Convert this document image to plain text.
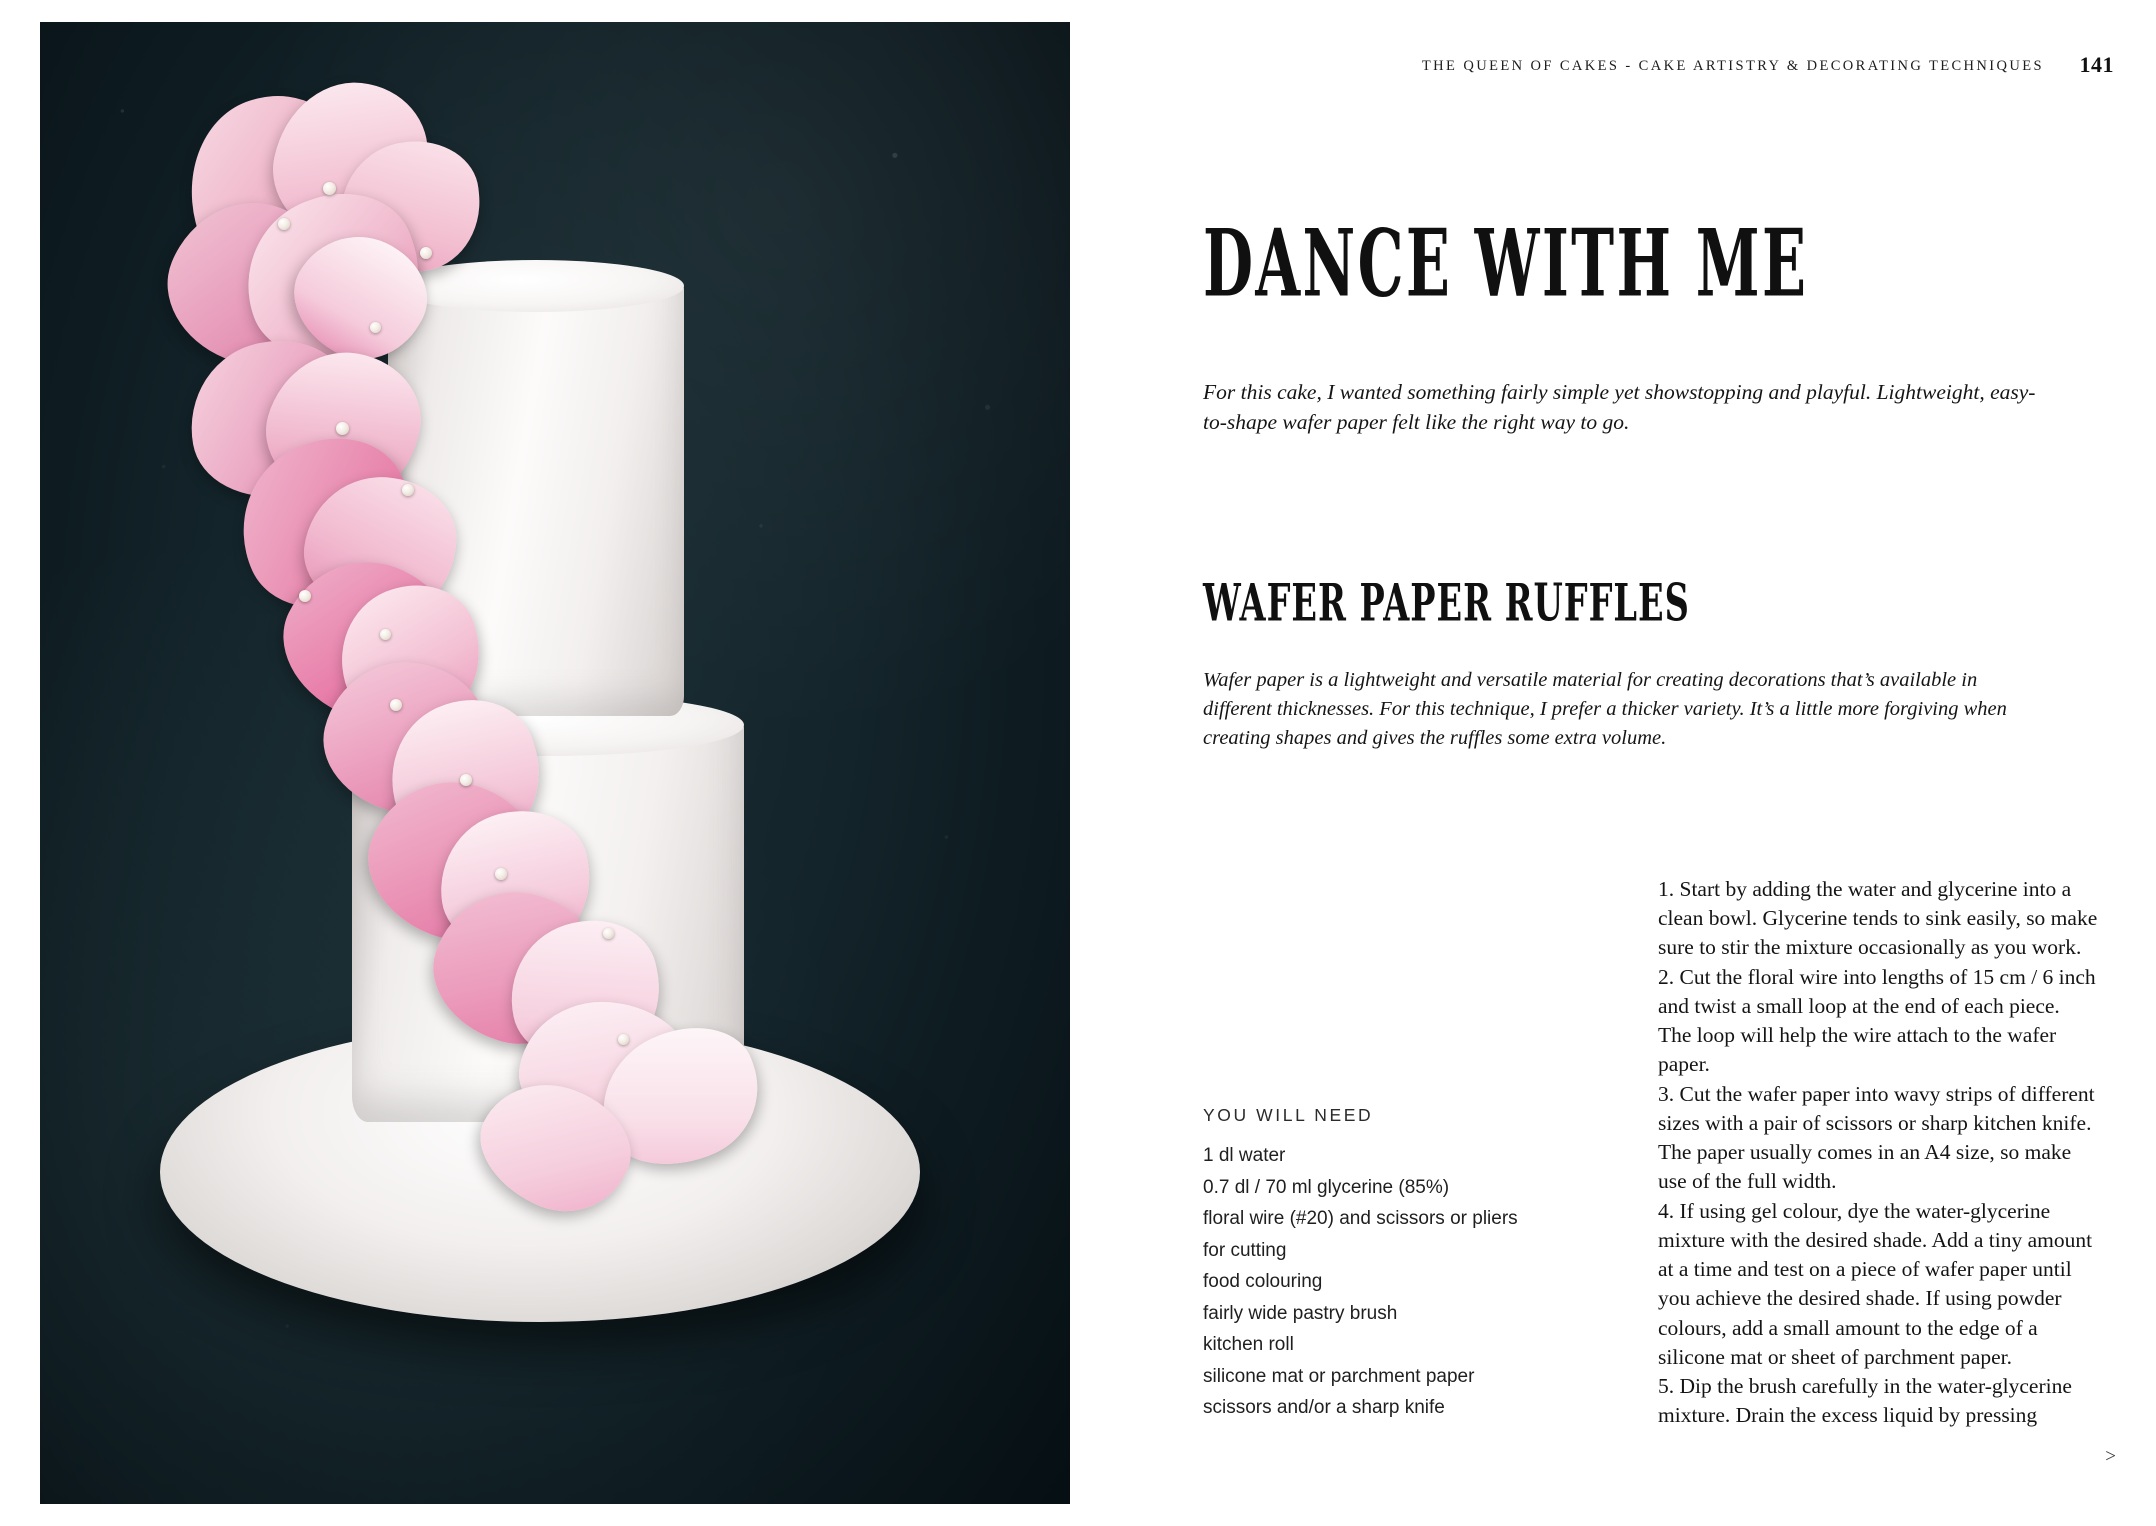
THE QUEEN OF CAKES - CAKE ARTISTRY & DECORATING TECHNIQUES 141
DANCE WITH ME

For this cake, I wanted something fairly simple yet showstopping and playful. Lightweight, easy-to-shape wafer paper felt like the right way to go.

WAFER PAPER RUFFLES

Wafer paper is a lightweight and versatile material for creating decorations that’s available in different thicknesses. For this technique, I prefer a thicker variety. It’s a little more forgiving when creating shapes and gives the ruffles some extra volume.

YOU WILL NEED
1 dl water
0.7 dl / 70 ml glycerine (85%)
floral wire (#20) and scissors or pliers
for cutting
food colouring
fairly wide pastry brush
kitchen roll
silicone mat or parchment paper
scissors and/or a sharp knife

1. Start by adding the water and glycerine into a clean bowl. Glycerine tends to sink easily, so make sure to stir the mixture occasionally as you work.

2. Cut the floral wire into lengths of 15 cm / 6 inch and twist a small loop at the end of each piece. The loop will help the wire attach to the wafer paper.

3. Cut the wafer paper into wavy strips of different sizes with a pair of scissors or sharp kitchen knife. The paper usually comes in an A4 size, so make use of the full width.

4. If using gel colour, dye the water-glycerine mixture with the desired shade. Add a tiny amount at a time and test on a piece of wafer paper until you achieve the desired shade. If using powder colours, add a small amount to the edge of a silicone mat or sheet of parchment paper.

5. Dip the brush carefully in the water-glycerine mixture. Drain the excess liquid by pressing

>
